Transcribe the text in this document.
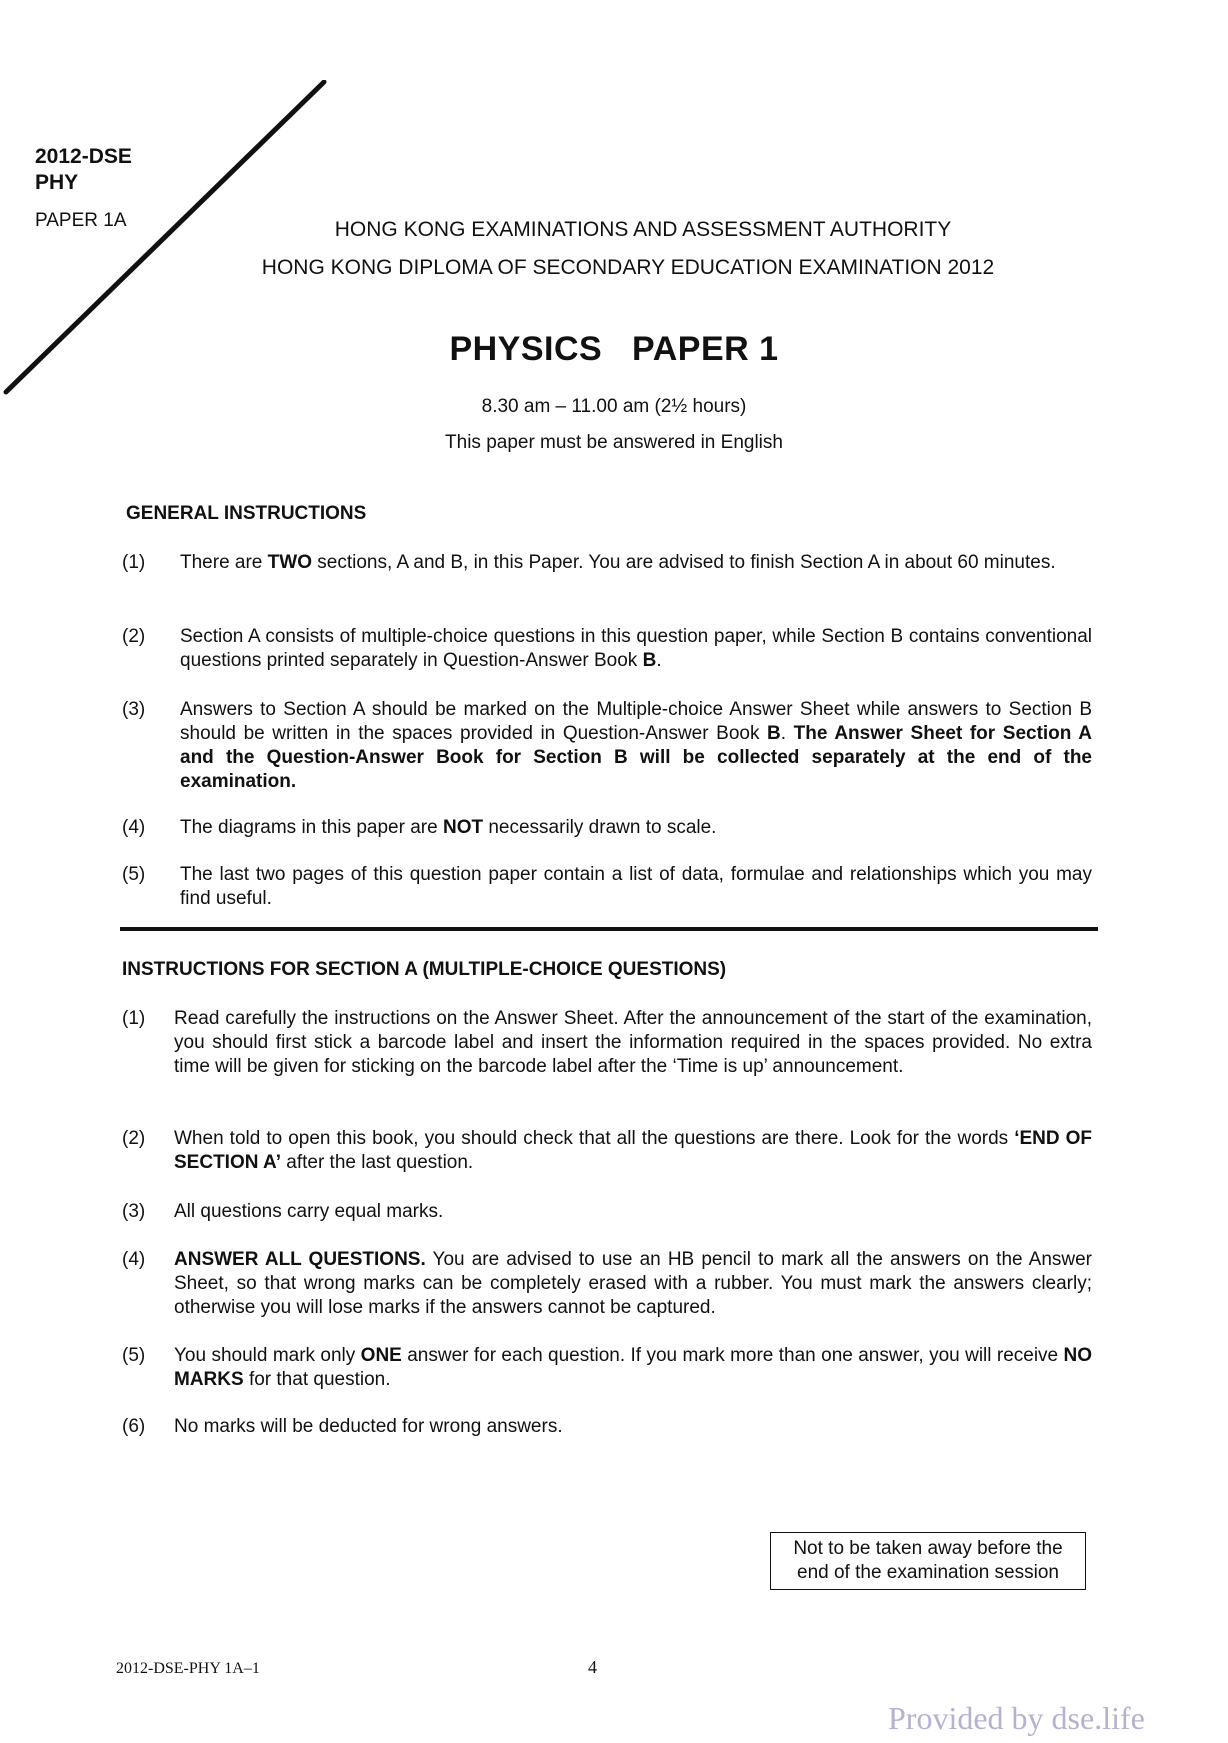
2012-DSE
PHY
PAPER 1A	HONG KONG EXAMINATIONS AND ASSESSMENT AUTHORITY
HONG KONG DIPLOMA OF SECONDARY EDUCATION EXAMINATION 2012
PHYSICS   PAPER 1
8.30 am – 11.00 am (2½ hours)
This paper must be answered in English
GENERAL INSTRUCTIONS
(1) There are TWO sections, A and B, in this Paper. You are advised to finish Section A in about 60 minutes.
(2) Section A consists of multiple-choice questions in this question paper, while Section B contains conventional questions printed separately in Question-Answer Book B.
(3) Answers to Section A should be marked on the Multiple-choice Answer Sheet while answers to Section B should be written in the spaces provided in Question-Answer Book B. The Answer Sheet for Section A and the Question-Answer Book for Section B will be collected separately at the end of the examination.
(4) The diagrams in this paper are NOT necessarily drawn to scale.
(5) The last two pages of this question paper contain a list of data, formulae and relationships which you may find useful.
INSTRUCTIONS FOR SECTION A (MULTIPLE-CHOICE QUESTIONS)
(1) Read carefully the instructions on the Answer Sheet. After the announcement of the start of the examination, you should first stick a barcode label and insert the information required in the spaces provided. No extra time will be given for sticking on the barcode label after the ‘Time is up’ announcement.
(2) When told to open this book, you should check that all the questions are there. Look for the words ‘END OF SECTION A’ after the last question.
(3) All questions carry equal marks.
(4) ANSWER ALL QUESTIONS. You are advised to use an HB pencil to mark all the answers on the Answer Sheet, so that wrong marks can be completely erased with a rubber. You must mark the answers clearly; otherwise you will lose marks if the answers cannot be captured.
(5) You should mark only ONE answer for each question. If you mark more than one answer, you will receive NO MARKS for that question.
(6) No marks will be deducted for wrong answers.
Not to be taken away before the
end of the examination session
2012-DSE-PHY 1A–1	4
Provided by dse.life
